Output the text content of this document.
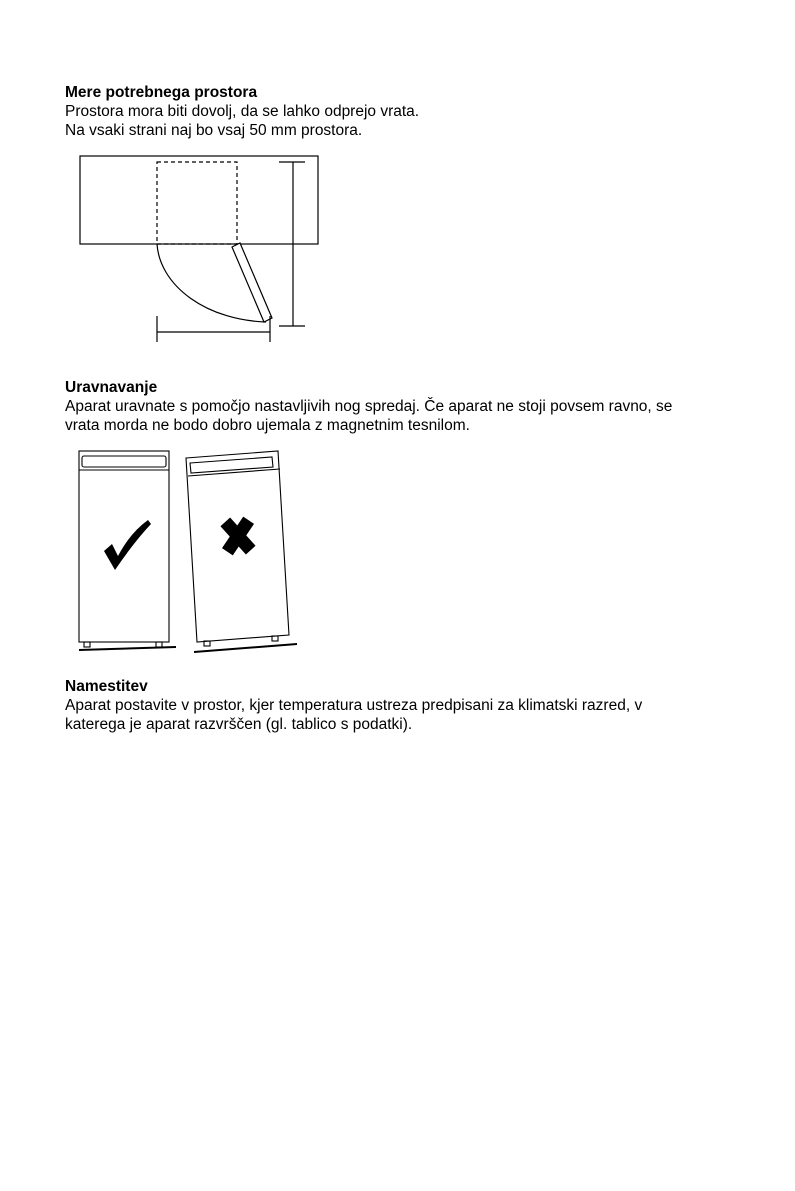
Mere potrebnega prostora

Prostora mora biti dovolj, da se lahko odprejo vrata.

Na vsaki strani naj bo vsaj 50 mm prostora.

Uravnavanje

Aparat uravnate s pomočjo nastavljivih nog spredaj. Če aparat ne stoji povsem ravno, se

vrata morda ne bodo dobro ujemala z magnetnim tesnilom.

Namestitev

Aparat postavite v prostor, kjer temperatura ustreza predpisani za klimatski razred, v

katerega je aparat razvrščen (gl. tablico s podatki).
